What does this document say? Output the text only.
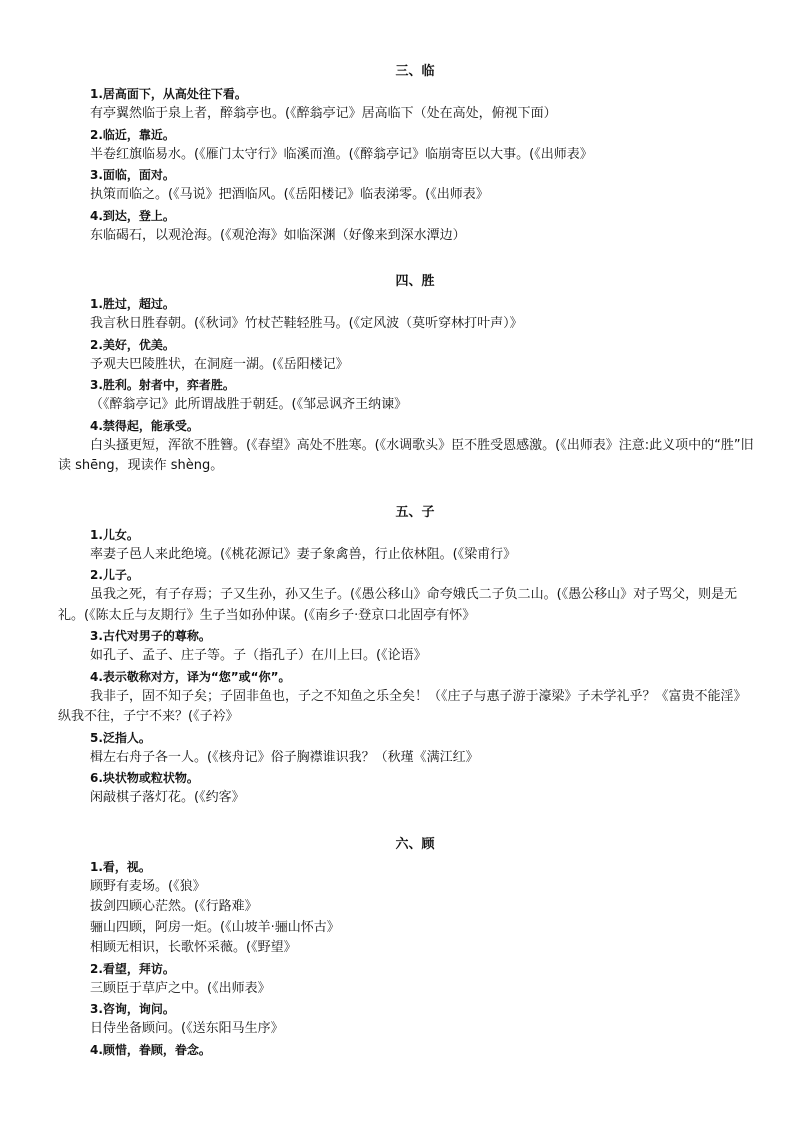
三、临
1.居高面下，从高处往下看。
有亭翼然临于泉上者，醉翁亭也。(《醉翁亭记》居高临下（处在高处，俯视下面）
2.临近，靠近。
半卷红旗临易水。(《雁门太守行》临溪而渔。(《醉翁亭记》临崩寄臣以大事。(《出师表》
3.面临，面对。
执策而临之。(《马说》把酒临风。(《岳阳楼记》临表涕零。(《出师表》
4.到达，登上。
东临碣石，以观沧海。(《观沧海》如临深渊（好像来到深水潭边）
四、胜
1.胜过，超过。
我言秋日胜春朝。(《秋词》竹杖芒鞋轻胜马。(《定风波（莫听穿林打叶声）》
2.美好，优美。
予观夫巴陵胜状，在洞庭一湖。(《岳阳楼记》
3.胜利。射者中，弈者胜。
（《醉翁亭记》此所谓战胜于朝廷。(《邹忌讽齐王纳谏》
4.禁得起，能承受。
白头搔更短，浑欲不胜簪。(《春望》高处不胜寒。(《水调歌头》臣不胜受恩感激。(《出师表》注意:此义项中的“胜”旧读 shēng，现读作 shèng。
五、子
1.儿女。
率妻子邑人来此绝境。(《桃花源记》妻子象禽兽，行止依林阻。(《梁甫行》
2.儿子。
虽我之死，有子存焉；子又生孙，孙又生子。(《愚公移山》命夸娥氏二子负二山。(《愚公移山》对子骂父，则是无礼。(《陈太丘与友期行》生子当如孙仲谋。(《南乡子·登京口北固亭有怀》
3.古代对男子的尊称。
如孔子、孟子、庄子等。子（指孔子）在川上曰。(《论语》
4.表示敬称对方，译为“您”或“你”。
我非子，固不知子矣；子固非鱼也，子之不知鱼之乐全矣！（《庄子与惠子游于濠梁》子未学礼乎？《富贵不能淫》纵我不往，子宁不来？(《子衿》
5.泛指人。
楫左右舟子各一人。(《核舟记》俗子胸襟谁识我？（秋瑾《满江红》
6.块状物或粒状物。
闲敲棋子落灯花。(《约客》
六、顾
1.看，视。
顾野有麦场。(《狼》
拔剑四顾心茫然。(《行路难》
骊山四顾，阿房一炬。(《山坡羊·骊山怀古》
相顾无相识，长歌怀采薇。(《野望》
2.看望，拜访。
三顾臣于草庐之中。(《出师表》
3.咨询，询问。
日侍坐备顾问。(《送东阳马生序》
4.顾惜，眷顾，眷念。
